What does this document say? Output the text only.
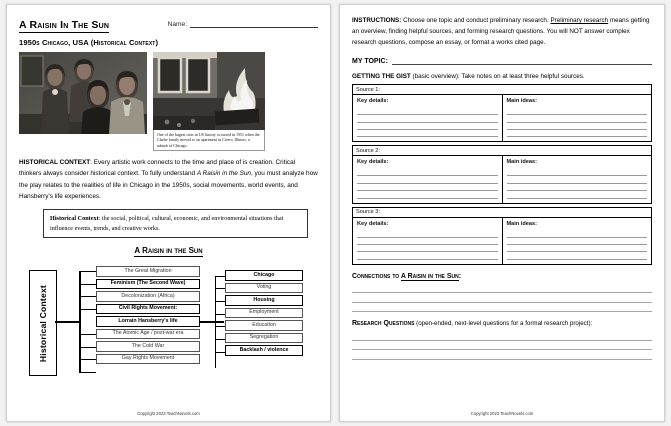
A Raisin In The Sun
1950s Chicago, USA (Historical Context)
Name:
One of the largest riots in US history occurred in 1951 when the Clarke family moved to an apartment in Cicero, Illinois, a suburb of Chicago.
HISTORICAL CONTEXT: Every artistic work connects to the time and place of is creation. Critical thinkers always consider historical context. To fully understand A Raisin in the Sun, you must analyze how the play relates to the realities of life in Chicago in the 1950s, social movements, world events, and Hansberry's life experiences.
Historical Context: the social, political, cultural, economic, and environmental situations that influence events, trends, and creative works.
A Raisin in the Sun
Historical Context
The Great Migration
Feminism (The Second Wave)
Decolonization (Africa)
Civil Rights Movement:
Lorrain Hansberry's life
The Atomic Age / post-war era
The Cold War
Gay Rights Movement
Chicago
Voting
Housing
Employment
Education
Segregation
Backlash / violence
Copyright 2023 TeachNovels.com
INSTRUCTIONS: Choose one topic and conduct preliminary research. Preliminary research means getting an overview, finding helpful sources, and forming research questions. You will NOT answer complex research questions, compose an essay, or format a works cited page.
MY TOPIC:
GETTING THE GIST (basic overview): Take notes on at least three helpful sources.
Source 1:
Key details:	Main ideas:
Source 2:
Key details:	Main ideas:
Source 3:
Key details:	Main ideas:
Connections to A Raisin in the Sun:
Research Questions (open-ended, next-level questions for a formal research project):
Copyright 2023 TeachNovels.com
